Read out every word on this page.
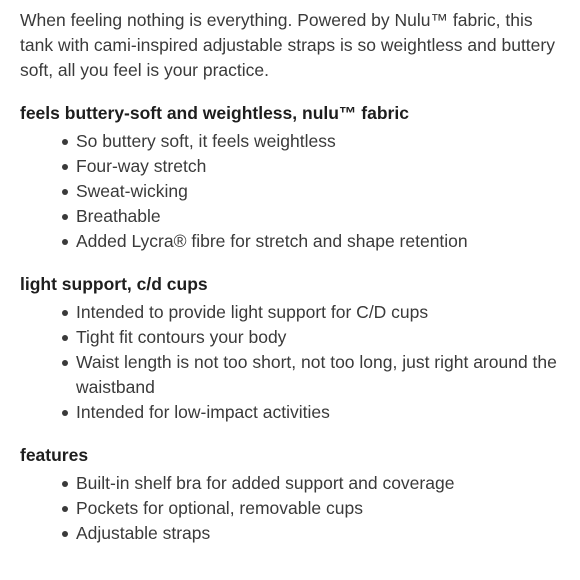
When feeling nothing is everything. Powered by Nulu™ fabric, this tank with cami-inspired adjustable straps is so weightless and buttery soft, all you feel is your practice.

feels buttery-soft and weightless, nulu™ fabric
So buttery soft, it feels weightless
Four-way stretch
Sweat-wicking
Breathable
Added Lycra® fibre for stretch and shape retention
light support, c/d cups
Intended to provide light support for C/D cups
Tight fit contours your body
Waist length is not too short, not too long, just right around the waistband
Intended for low-impact activities
features
Built-in shelf bra for added support and coverage
Pockets for optional, removable cups
Adjustable straps
